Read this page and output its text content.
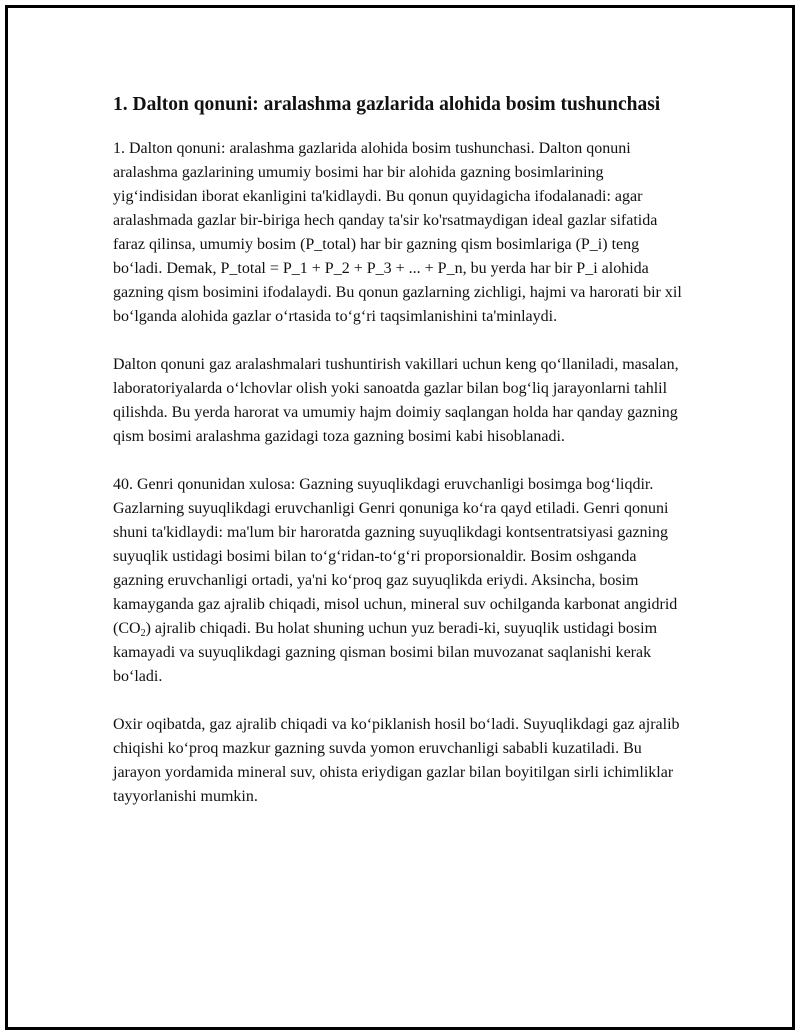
1. Dalton qonuni: aralashma gazlarida alohida bosim tushunchasi

1. Dalton qonuni: aralashma gazlarida alohida bosim tushunchasi. Dalton qonuni aralashma gazlarining umumiy bosimi har bir alohida gazning bosimlarining yig‘indisidan iborat ekanligini ta'kidlaydi. Bu qonun quyidagicha ifodalanadi: agar aralashmada gazlar bir-biriga hech qanday ta'sir ko'rsatmaydigan ideal gazlar sifatida faraz qilinsa, umumiy bosim (P_total) har bir gazning qism bosimlariga (P_i) teng bo‘ladi. Demak, P_total = P_1 + P_2 + P_3 + ... + P_n, bu yerda har bir P_i alohida gazning qism bosimini ifodalaydi. Bu qonun gazlarning zichligi, hajmi va harorati bir xil bo‘lganda alohida gazlar o‘rtasida to‘g‘ri taqsimlanishini ta'minlaydi.

Dalton qonuni gaz aralashmalari tushuntirish vakillari uchun keng qo‘llaniladi, masalan, laboratoriyalarda o‘lchovlar olish yoki sanoatda gazlar bilan bog‘liq jarayonlarni tahlil qilishda. Bu yerda harorat va umumiy hajm doimiy saqlangan holda har qanday gazning qism bosimi aralashma gazidagi toza gazning bosimi kabi hisoblanadi.

40. Genri qonunidan xulosa: Gazning suyuqlikdagi eruvchanligi bosimga bog‘liqdir. Gazlarning suyuqlikdagi eruvchanligi Genri qonuniga ko‘ra qayd etiladi. Genri qonuni shuni ta'kidlaydi: ma'lum bir haroratda gazning suyuqlikdagi kontsentratsiyasi gazning suyuqlik ustidagi bosimi bilan to‘g‘ridan-to‘g‘ri proporsionaldir. Bosim oshganda gazning eruvchanligi ortadi, ya'ni ko‘proq gaz suyuqlikda eriydi. Aksincha, bosim kamayganda gaz ajralib chiqadi, misol uchun, mineral suv ochilganda karbonat angidrid $(CO_2)$ ajralib chiqadi. Bu holat shuning uchun yuz beradi-ki, suyuqlik ustidagi bosim kamayadi va suyuqlikdagi gazning qisman bosimi bilan muvozanat saqlanishi kerak bo‘ladi.

Oxir oqibatda, gaz ajralib chiqadi va ko‘piklanish hosil bo‘ladi. Suyuqlikdagi gaz ajralib chiqishi ko‘proq mazkur gazning suvda yomon eruvchanligi sababli kuzatiladi. Bu jarayon yordamida mineral suv, ohista eriydigan gazlar bilan boyitilgan sirli ichimliklar tayyorlanishi mumkin.
